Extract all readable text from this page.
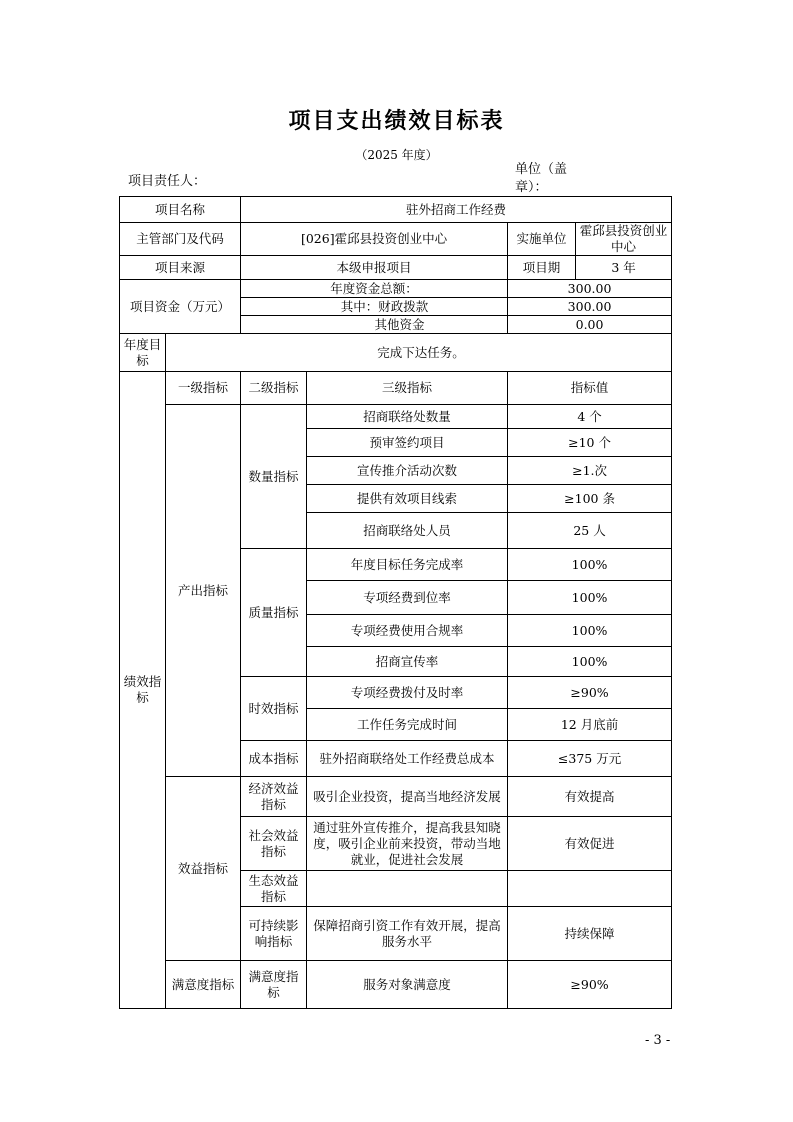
项目支出绩效目标表
（2025 年度）
项目责任人：
单位（盖章）：
项目名称		驻外招商工作经费			
主管部门及代码		[026]霍邱县投资创业中心		实施单位	霍邱县投资创业中心
项目来源		本级申报项目		项目期	3 年
项目资金（万元）		年度资金总额：		300.00	
		其中：财政拨款		300.00	
		其他资金		0.00	
年度目标	完成下达任务。				
绩效指标	一级指标	二级指标	三级指标	指标值	
	产出指标	数量指标	招商联络处数量	4 个	
			预审签约项目	≥10 个	
			宣传推介活动次数	≥1.次	
			提供有效项目线索	≥100 条	
			招商联络处人员	25 人	
		质量指标	年度目标任务完成率	100%	
			专项经费到位率	100%	
			专项经费使用合规率	100%	
			招商宣传率	100%	
		时效指标	专项经费拨付及时率	≥90%	
			工作任务完成时间	12 月底前	
		成本指标	驻外招商联络处工作经费总成本	≤375 万元	
	效益指标	经济效益指标	吸引企业投资，提高当地经济发展	有效提高	
		社会效益指标	通过驻外宣传推介，提高我县知晓度，吸引企业前来投资，带动当地就业，促进社会发展	有效促进	
		生态效益指标			
		可持续影响指标	保障招商引资工作有效开展，提高服务水平	持续保障	
	满意度指标	满意度指标	服务对象满意度	≥90%	
- 3 -
